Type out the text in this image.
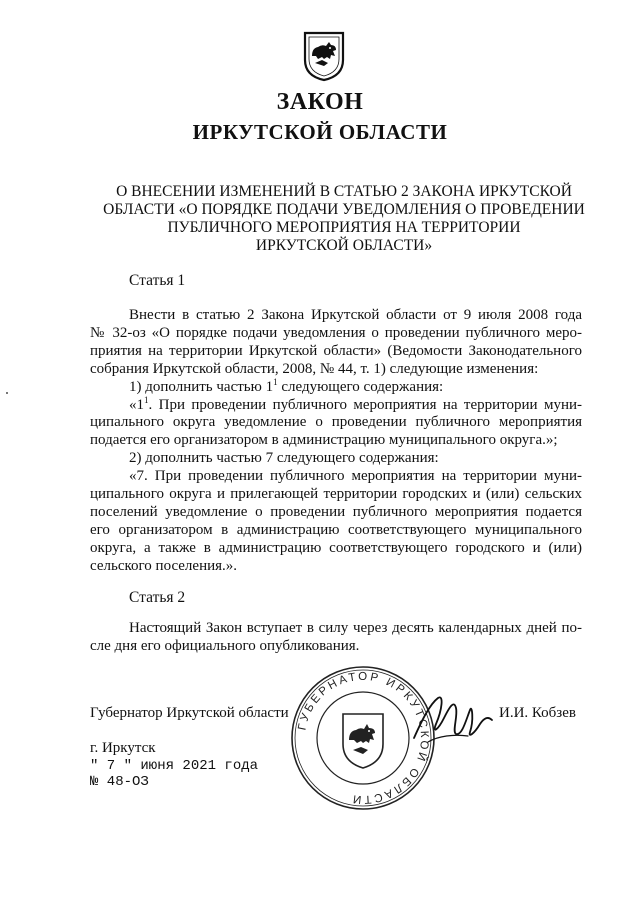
ЗАКОН
ИРКУТСКОЙ ОБЛАСТИ
О ВНЕСЕНИИ ИЗМЕНЕНИЙ В СТАТЬЮ 2 ЗАКОНА ИРКУТСКОЙ
ОБЛАСТИ «О ПОРЯДКЕ ПОДАЧИ УВЕДОМЛЕНИЯ О ПРОВЕДЕНИИ
ПУБЛИЧНОГО МЕРОПРИЯТИЯ НА ТЕРРИТОРИИ
ИРКУТСКОЙ ОБЛАСТИ»
Статья 1
Внести в статью 2 Закона Иркутской области от 9 июля 2008 года
№ 32-оз «О порядке подачи уведомления о проведении публичного меро-
приятия на территории Иркутской области» (Ведомости Законодательного
собрания Иркутской области, 2008, № 44, т. 1) следующие изменения:
1) дополнить частью $1^1$ следующего содержания:
«$1^1$. При проведении публичного мероприятия на территории муни-
ципального округа уведомление о проведении публичного мероприятия
подается его организатором в администрацию муниципального округа.»;
2) дополнить частью 7 следующего содержания:
«7. При проведении публичного мероприятия на территории муни-
ципального округа и прилегающей территории городских и (или) сельских
поселений уведомление о проведении публичного мероприятия подается
его организатором в администрацию соответствующего муниципального
округа, а также в администрацию соответствующего городского и (или)
сельского поселения.».
Статья 2
Настоящий Закон вступает в силу через десять календарных дней по-
сле дня его официального опубликования.
ГУБЕРНАТОР ИРКУТСКОЙ ОБЛАСТИ
Губернатор Иркутской области	И.И. Кобзев
г. Иркутск
" 7 " июня 2021 года
№ 48-ОЗ
